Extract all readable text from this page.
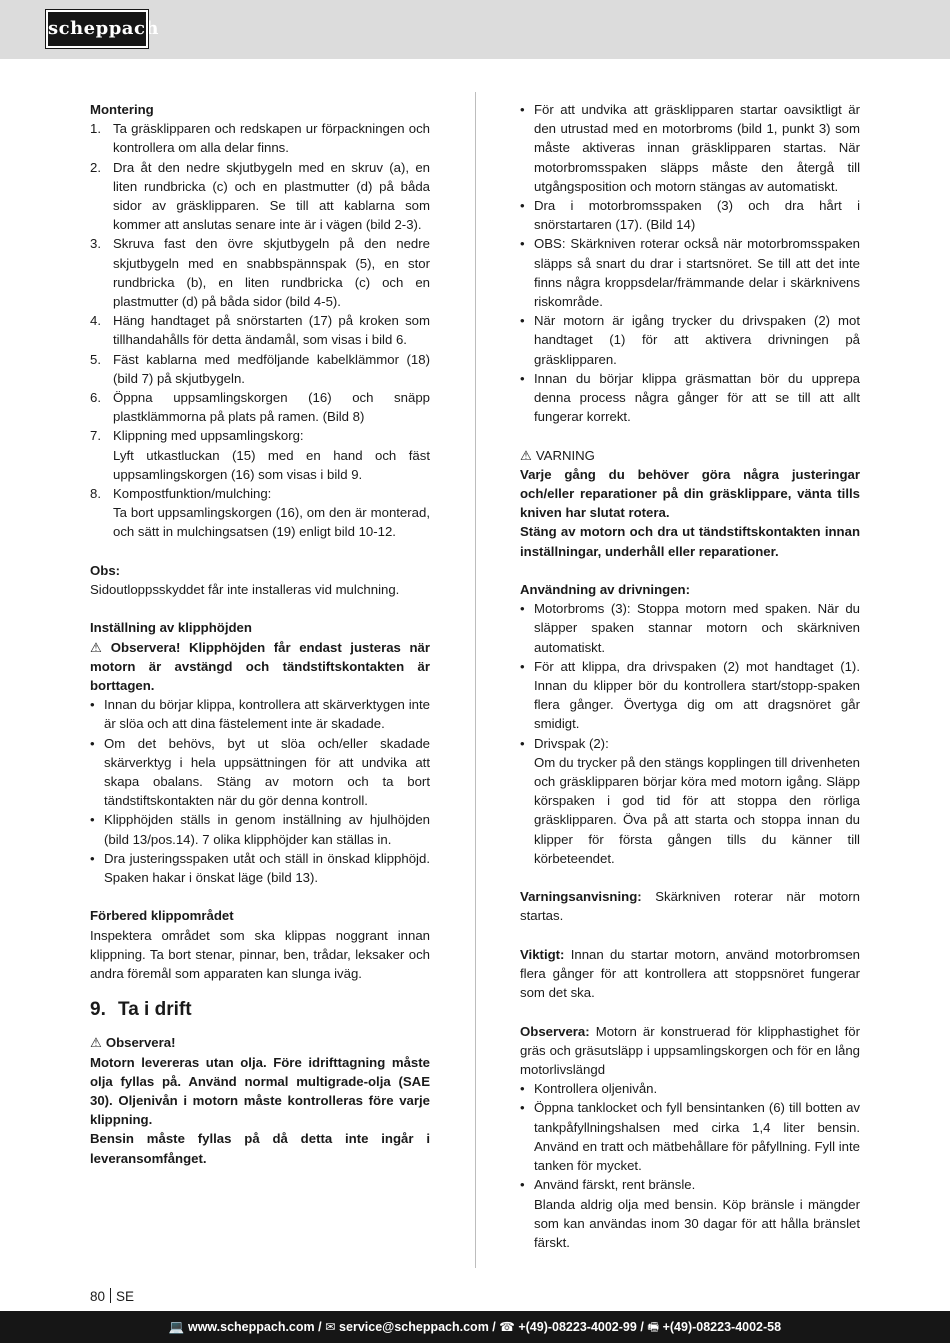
scheppach

Montering

1. Ta gräsklipparen och redskapen ur förpackningen och kontrollera om alla delar finns.
2. Dra åt den nedre skjutbygeln med en skruv (a), en liten rundbricka (c) och en plastmutter (d) på båda sidor av gräsklipparen. Se till att kablarna som kommer att anslutas senare inte är i vägen (bild 2-3).
3. Skruva fast den övre skjutbygeln på den nedre skjutbygeln med en snabbspännspak (5), en stor rundbricka (b), en liten rundbricka (c) och en plastmutter (d) på båda sidor (bild 4-5).
4. Häng handtaget på snörstarten (17) på kroken som tillhandahålls för detta ändamål, som visas i bild 6.
5. Fäst kablarna med medföljande kabelklämmor (18) (bild 7) på skjutbygeln.
6. Öppna uppsamlingskorgen (16) och snäpp plastklämmorna på plats på ramen. (Bild 8)
7. Klippning med uppsamlingskorg:
Lyft utkastluckan (15) med en hand och fäst uppsamlingskorgen (16) som visas i bild 9.
8. Kompostfunktion/mulching:
Ta bort uppsamlingskorgen (16), om den är monterad, och sätt in mulchingsatsen (19) enligt bild 10-12.

Obs:

Sidoutloppsskyddet får inte installeras vid mulchning.

Inställning av klipphöjden

⚠ Observera! Klipphöjden får endast justeras när motorn är avstängd och tändstiftskontakten är borttagen.

• Innan du börjar klippa, kontrollera att skärverktygen inte är slöa och att dina fästelement inte är skadade.
• Om det behövs, byt ut slöa och/eller skadade skärverktyg i hela uppsättningen för att undvika att skapa obalans. Stäng av motorn och ta bort tändstiftskontakten när du gör denna kontroll.
• Klipphöjden ställs in genom inställning av hjulhöjden (bild 13/pos.14). 7 olika klipphöjder kan ställas in.
• Dra justeringsspaken utåt och ställ in önskad klipphöjd. Spaken hakar i önskat läge (bild 13).

Förbered klippområdet

Inspektera området som ska klippas noggrant innan klippning. Ta bort stenar, pinnar, ben, trådar, leksaker och andra föremål som apparaten kan slunga iväg.

9. Ta i drift

⚠ Observera!

Motorn levereras utan olja. Före idrifttagning måste olja fyllas på. Använd normal multigrade-olja (SAE 30). Oljenivån i motorn måste kontrolleras före varje klippning.

Bensin måste fyllas på då detta inte ingår i leveransomfånget.

• För att undvika att gräsklipparen startar oavsiktligt är den utrustad med en motorbroms (bild 1, punkt 3) som måste aktiveras innan gräsklipparen startas. När motorbromsspaken släpps måste den återgå till utgångsposition och motorn stängas av automatiskt.
• Dra i motorbromsspaken (3) och dra hårt i snörstartaren (17). (Bild 14)
• OBS: Skärkniven roterar också när motorbromsspaken släpps så snart du drar i startsnöret. Se till att det inte finns några kroppsdelar/främmande delar i skärknivens riskområde.
• När motorn är igång trycker du drivspaken (2) mot handtaget (1) för att aktivera drivningen på gräsklipparen.
• Innan du börjar klippa gräsmattan bör du upprepa denna process några gånger för att se till att allt fungerar korrekt.

⚠ VARNING

Varje gång du behöver göra några justeringar och/eller reparationer på din gräsklippare, vänta tills kniven har slutat rotera.

Stäng av motorn och dra ut tändstiftskontakten innan inställningar, underhåll eller reparationer.

Användning av drivningen:

• Motorbroms (3): Stoppa motorn med spaken. När du släpper spaken stannar motorn och skärkniven automatiskt.
• För att klippa, dra drivspaken (2) mot handtaget (1). Innan du klipper bör du kontrollera start/stopp-spaken flera gånger. Övertyga dig om att dragsnöret går smidigt.
• Drivspak (2):
Om du trycker på den stängs kopplingen till drivenheten och gräsklipparen börjar köra med motorn igång. Släpp körspaken i god tid för att stoppa den rörliga gräsklipparen. Öva på att starta och stoppa innan du klipper för första gången tills du känner till körbeteendet.

Varningsanvisning: Skärkniven roterar när motorn startas.

Viktigt: Innan du startar motorn, använd motorbromsen flera gånger för att kontrollera att stoppsnöret fungerar som det ska.

Observera: Motorn är konstruerad för klipphastighet för gräs och gräsutsläpp i uppsamlingskorgen och för en lång motorlivslängd

• Kontrollera oljenivån.
• Öppna tanklocket och fyll bensintanken (6) till botten av tankpåfyllningshalsen med cirka 1,4 liter bensin. Använd en tratt och mätbehållare för påfyllning. Fyll inte tanken för mycket.
• Använd färskt, rent bränsle.
Blanda aldrig olja med bensin. Köp bränsle i mängder som kan användas inom 30 dagar för att hålla bränslet färskt.
80 SE
💻 www.scheppach.com / ✉ service@scheppach.com / ☎ +(49)-08223-4002-99 / 🖷 +(49)-08223-4002-58
